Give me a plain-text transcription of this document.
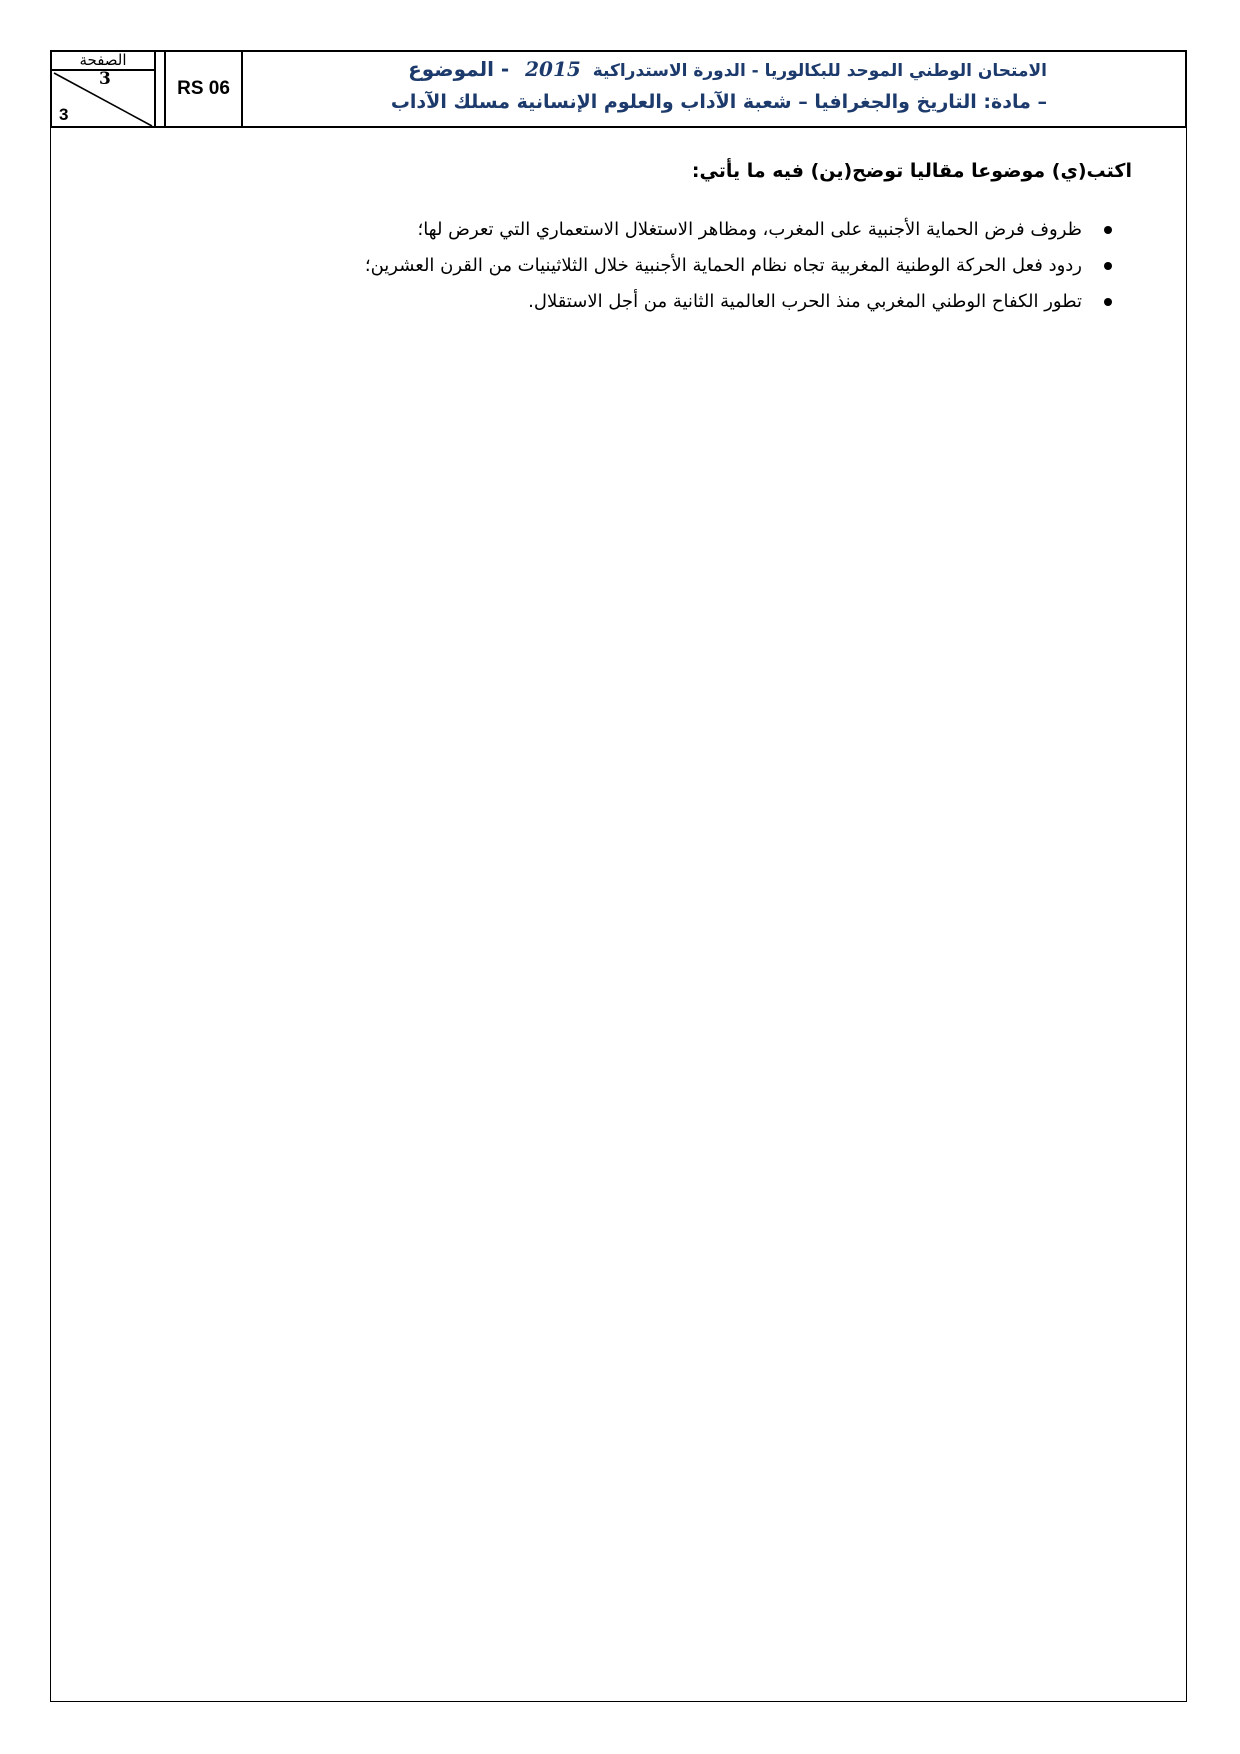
الصفحة
3
3
RS 06
الامتحان الوطني الموحد للبكالوريا - الدورة الاستدراكية 2015 - الموضوع
– مادة: التاريخ والجغرافيا – شعبة الآداب والعلوم الإنسانية مسلك الآداب
اكتب(ي) موضوعا مقاليا توضح(ين) فيه ما يأتي:
ظروف فرض الحماية الأجنبية على المغرب، ومظاهر الاستغلال الاستعماري التي تعرض لها؛
ردود فعل الحركة الوطنية المغربية تجاه نظام الحماية الأجنبية خلال الثلاثينيات من القرن العشرين؛
تطور الكفاح الوطني المغربي منذ الحرب العالمية الثانية من أجل الاستقلال.
